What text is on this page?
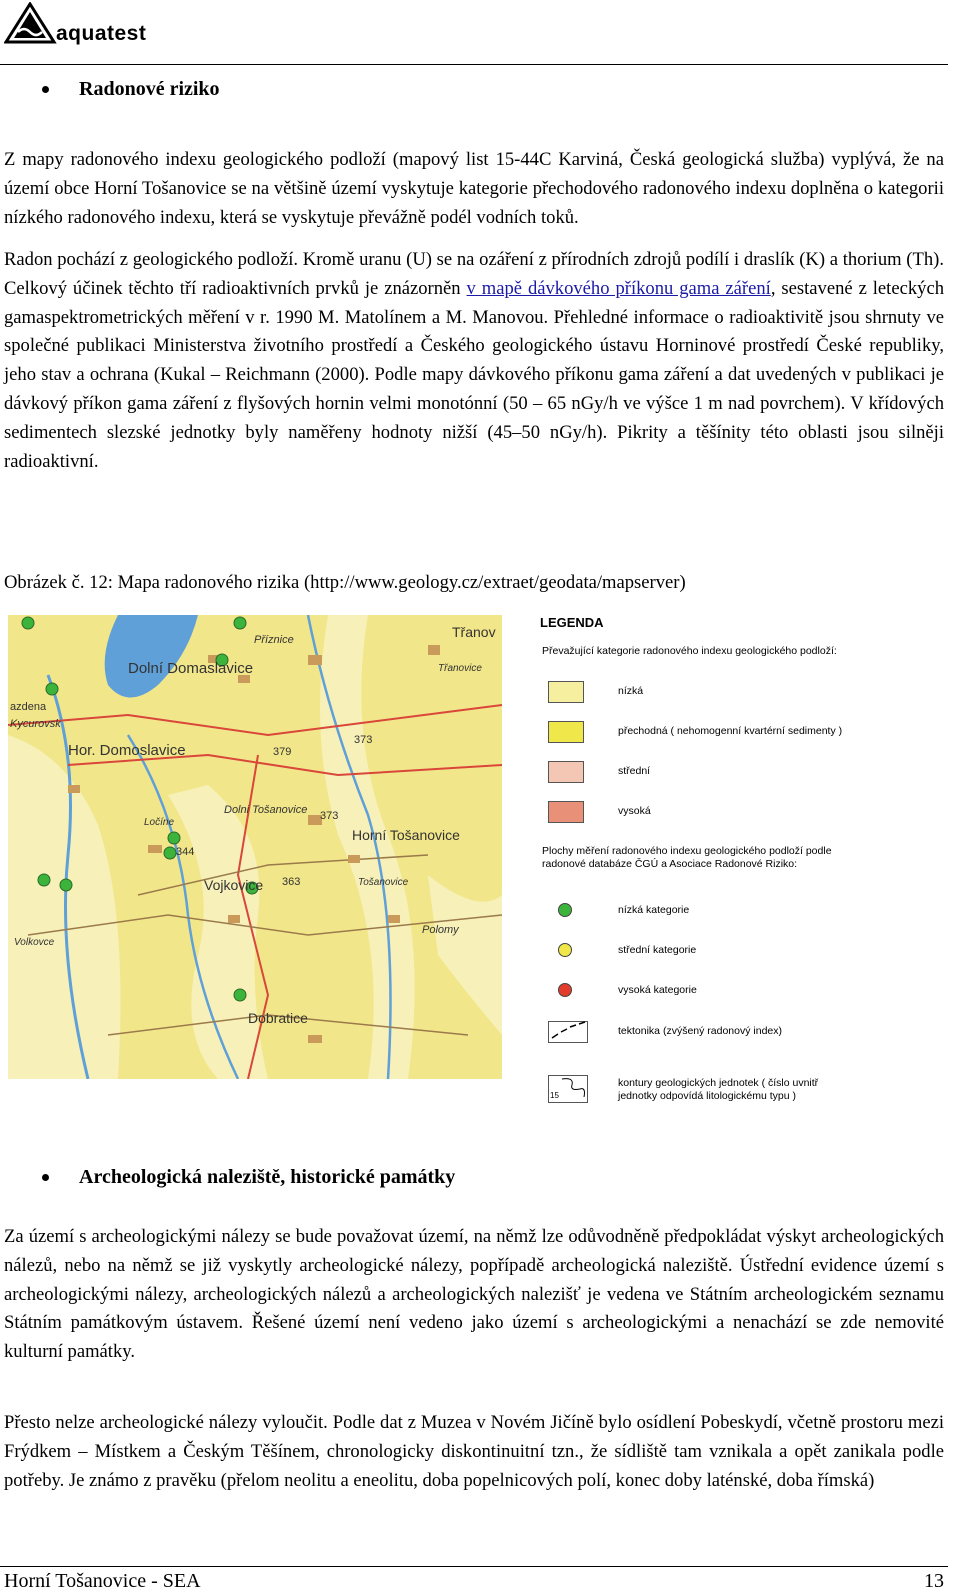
aquatest
Radonové riziko
Z mapy radonového indexu geologického podloží (mapový list 15-44C Karviná, Česká geologická služba) vyplývá, že na území obce Horní Tošanovice se na většině území vyskytuje kategorie přechodového radonového indexu doplněna o kategorii nízkého radonového indexu, která se vyskytuje převážně podél vodních toků.
Radon pochází z geologického podloží. Kromě uranu (U) se na ozáření z přírodních zdrojů podílí i draslík (K) a thorium (Th). Celkový účinek těchto tří radioaktivních prvků je znázorněn v mapě dávkového příkonu gama záření, sestavené z leteckých gamaspektrometrických měření v r. 1990 M. Matolínem a M. Manovou. Přehledné informace o radioaktivitě jsou shrnuty ve společné publikaci Ministerstva životního prostředí a Českého geologického ústavu Horninové prostředí České republiky, jeho stav a ochrana (Kukal – Reichmann (2000). Podle mapy dávkového příkonu gama záření a dat uvedených v publikaci je dávkový příkon gama záření z flyšových hornin velmi monotónní (50 – 65 nGy/h ve výšce 1 m nad povrchem). V křídových sedimentech slezské jednotky byly naměřeny hodnoty nižší (45–50 nGy/h). Pikrity a těšínity této oblasti jsou silněji radioaktivní.
Obrázek č. 12: Mapa radonového rizika (http://www.geology.cz/extraet/geodata/mapserver)
Třanov
Příznice
Dolní Domaslavice	Třanovice
azdena
Kycurovsk
Hor. Domoslavice	379
373
373
Dolni Tošanovice
Ločíne
Horní Tošanovice
344
363
Vojkovice
Volkovce
Polomy
Tošanovice
Dobratice
LEGENDA
Převažující kategorie radonového indexu geologického podloží:
nízká
přechodná ( nehomogenní kvartérní sedimenty )
střední
vysoká
Plochy měření radonového indexu geologického podloží podle radonové databáze ČGÚ a Asociace Radonové Riziko:
nízká kategorie
střední kategorie
vysoká kategorie
tektonika (zvýšený radonový index)
15
kontury geologických jednotek ( číslo uvnitř jednotky odpovídá litologickému typu )
Archeologická naleziště, historické památky
Za území s archeologickými nálezy se bude považovat území, na němž lze odůvodněně předpokládat výskyt archeologických nálezů, nebo na němž se již vyskytly archeologické nálezy, popřípadě archeologická naleziště. Ústřední evidence území s archeologickými nálezy, archeologických nálezů a archeologických nalezišť je vedena ve Státním archeologickém seznamu Státním památkovým ústavem. Řešené území není vedeno jako území s archeologickými a nenachází se zde nemovité kulturní památky.
Přesto nelze archeologické nálezy vyloučit. Podle dat z Muzea v Novém Jičíně bylo osídlení Pobeskydí, včetně prostoru mezi Frýdkem – Místkem a Českým Těšínem, chronologicky diskontinuitní tzn., že sídliště tam vznikala a opět zanikala podle potřeby. Je známo z pravěku (přelom neolitu a eneolitu, doba popelnicových polí, konec doby laténské, doba římská)
Horní Tošanovice - SEA	13
